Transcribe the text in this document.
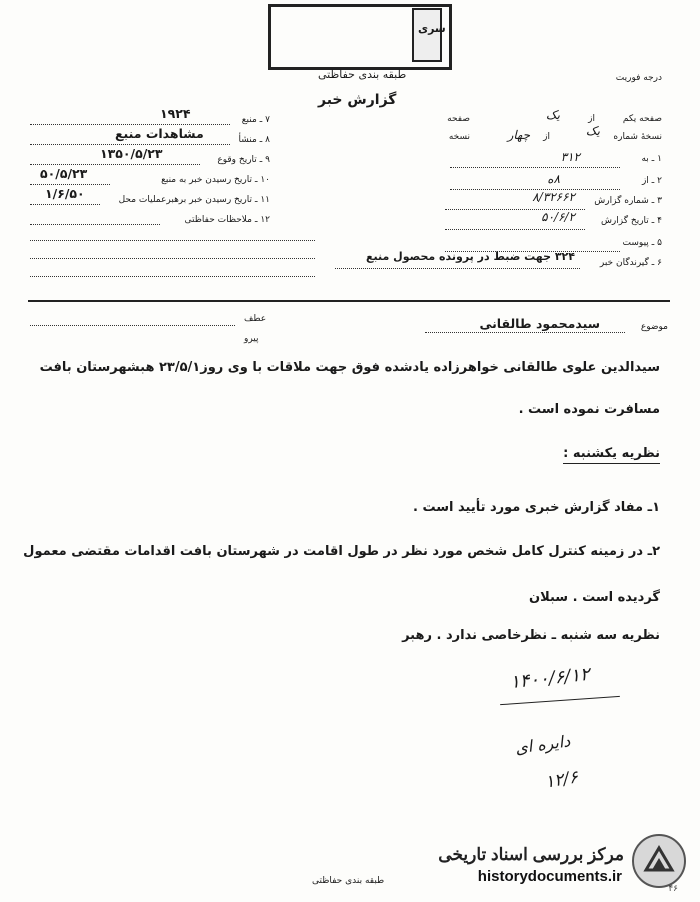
سری
درجه فوریت
طبقه بندی حفاظتی
گزارش خبر
صفحه یکم
یک	از
صفحه
نسخهٔ شماره
یک
از
چهار
نسخه
۱ ـ به
۳۱۲
۲ ـ از
۸ه
۳ ـ شماره گزارش
۸/۳۲۶۶۲
۴ ـ تاریخ گزارش
۵۰/۶/۲
۵ ـ پیوست
۶ ـ گیرندگان خبر
۳۲۴ جهت ضبط در پرونده محصول منبع
۷ ـ منبع
۱۹۲۴
۸ ـ منشأ
مشاهدات منبع
۹ ـ تاریخ وقوع
۱۳۵۰/۵/۲۳
۱۰ ـ تاریخ رسیدن خبر به منبع
۵۰/۵/۲۳
۱۱ ـ تاریخ رسیدن خبر برهبرعملیات محل
۱/۶/۵۰
۱۲ ـ ملاحظات حفاظتی
عطف
پیرو
موضوع
سیدمحمود طالقانی
سیدالدین علوی طالقانی خواهرزاده یادشده فوق جهت ملاقات با وی روز۲۳/۵/۱ ه‍بشهرستان بافت
مسافرت نموده است .
نظریه یکشنبه :
۱ـ مفاد گزارش خبری مورد تأیید است .
۲ـ در زمینه کنترل کامل شخص مورد نظر در طول اقامت در شهرستان بافت اقدامات مقتضی معمول
گردیده است . سبلان
نظریه سه شنبه ـ نظرخاصی ندارد . رهبر
۱۴۰۰/۶/۱۲
دایره ای
۱۲/۶
طبقه بندی حفاظتی
مرکز بررسی اسناد تاریخی
historydocuments.ir
۴۶
